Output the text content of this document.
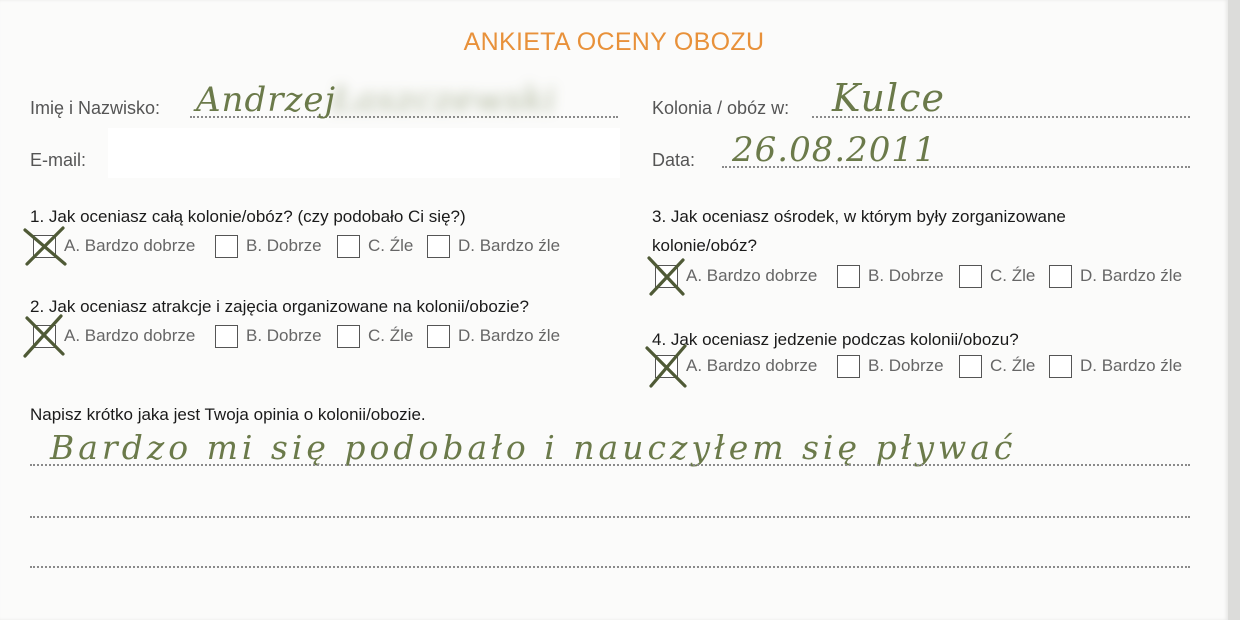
ANKIETA OCENY OBOZU
Imię i Nazwisko: Andrzej
Łaszczewski
E-mail:
Kolonia / obóz w: Kulce
Data: 26.08.2011
1. Jak oceniasz całą kolonie/obóz? (czy podobało Ci się?)
A. Bardzo dobrze	B. Dobrze	C. Źle	D. Bardzo źle
2. Jak oceniasz atrakcje i zajęcia organizowane na kolonii/obozie?
A. Bardzo dobrze	B. Dobrze	C. Źle	D. Bardzo źle
3. Jak oceniasz ośrodek, w którym były zorganizowane kolonie/obóz?
A. Bardzo dobrze	B. Dobrze	C. Źle	D. Bardzo źle
4. Jak oceniasz jedzenie podczas kolonii/obozu?
A. Bardzo dobrze	B. Dobrze	C. Źle	D. Bardzo źle
Napisz krótko jaka jest Twoja opinia o kolonii/obozie.
Bardzo mi się podobało i nauczyłem się pływać
